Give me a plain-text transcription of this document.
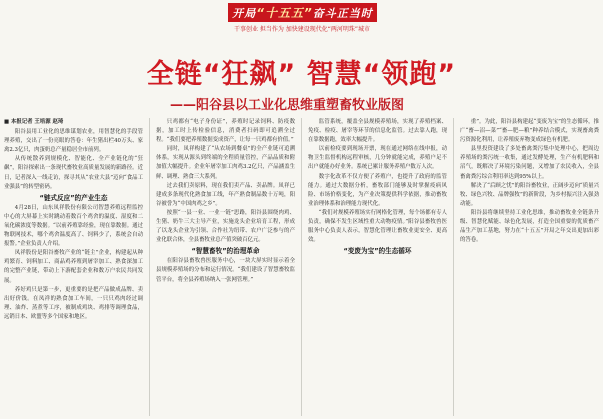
开局 “十五五” 奋斗正当时
干事创业 担当作为 加快建设现代化“两河明珠”城市
全链“狂飙” 智慧“领跑”
——阳谷县以工业化思维重塑畜牧业版图

■ 本报记者 王培源 赵琦

阳谷县用工业化的思维谋划农业，用智慧化的手段管理养殖，交出了一份亮眼的答卷：年生猪出栏40万头、家禽2.3亿只，肉蛋奶总产量稳居全市前列。

从传统散养到规模化、智能化、全产业链化的“狂飙”，阳谷探索出一条现代畜牧业高质量发展的新路径。近日，记者深入一线走访，探寻其从“农业大县”迈向“食品工业强县”的转型密码。

“链式反应”的产业生态

4月28日，山东凤祥股份有限公司智慧养殖远程监控中心的大屏幕上实时跳动着数百个鸡舍的温度、湿度和二氧化碳浓度等数据。“以前养殖靠经验，现在靠数据。通过物联网技术，哪个鸡舍温度高了、饲料少了，系统会自动报警。”企业负责人介绍。

凤祥股份是阳谷畜牧产业的“链主”企业，构建起从种鸡繁育、饲料加工、商品鸡养殖到屠宰加工、熟食深加工的完整产业链，带动上下游配套企业和数万户农民共同发展。

养好鸡只是第一步，更重要的是把产品做成品牌、卖出好价钱。在凤祥的熟食加工车间，一只只鸡肉经过调理、油炸、蒸煮等工序，被制成鸡块、鸡排等调理食品，远销日本、欧盟等多个国家和地区。

只鸡都有“电子身份证”，养殖时记录饲料、防疫数据，加工时上传检验信息，消费者扫码即可追溯全过程。“我们要把养殖数据变成资产，让每一只鸡都有价值。”

同时，凤祥构建了“从农场到餐桌”的全产业链可追溯体系，实现从源头到终端的全程质量管控，产品品质和附加值大幅提升。企业年屠宰加工肉鸡3.2亿只，产品涵盖生鲜、调理、熟食三大系列。

过去我们卖原料，现在我们卖产品、卖品牌。凤祥已建成多条现代化熟食加工线，年产熟食制品数十万吨，阳谷被誉为“中国肉鸡之乡”。

按照“一县一业、一业一链”思路，阳谷县围绕肉鸡、生猪、奶牛三大主导产业，实施龙头企业培育工程，形成了以龙头企业为引领、合作社为纽带、农户广泛参与的产业化联合体，全县畜牧业总产值突破百亿元。

“智慧畜牧”的治理革命

在阳谷县畜牧兽医服务中心，一块大屏实时显示着全县规模养殖场的分布和运行情况。“我们建设了智慧畜牧监管平台，将全县养殖场纳入一张网管理。”

监管系统，覆盖全县规模养殖场，实现了养殖档案、免疫、检疫、屠宰等环节的信息化监管。过去靠人跑，现在靠数据跑，效率大幅提升。

以前检疫要到现场开票，现在通过网络在线申报，动物卫生监督机构远程审核，几分钟就能完成，养殖户足不出户就能办好业务。系统已累计服务养殖户数万人次。

数字化改革不仅方便了养殖户，也提升了政府的监管能力。通过大数据分析，畜牧部门能够及时掌握疫病风险、市场价格变化，为产业决策提供科学依据，推动畜牧业治理体系和治理能力现代化。

“我们对规模养殖场实行网格化管理，每个场都有专人负责，确保不发生区域性重大动物疫情。”阳谷县畜牧兽医服务中心负责人表示，智慧化管理让畜牧业更安全、更高效。

“变废为宝”的生态循环

重”。为此，阳谷县构建起“变废为宝”的生态循环，推广“畜—沼—菜”“畜—肥—粮”种养结合模式，实现畜禽粪污资源化利用，让养殖废弃物变成绿色有机肥。

县里投资建设了多处畜禽粪污集中处理中心，把周边养殖场的粪污统一收集，通过发酵处理，生产有机肥料和沼气，既解决了环境污染问题，又增加了农民收入，全县畜禽粪污综合利用率达到95%以上。

解决了“后顾之忧”的阳谷畜牧业，正阔步迈向“质量兴牧、绿色兴牧、品牌强牧”的新阶段，为乡村振兴注入强劲动能。

阳谷县将继续坚持工业化思维，推动畜牧业全链条升级、智慧化赋能、绿色化发展，打造全国重要的优质畜产品生产加工基地，努力在“十五五”开局之年交出更加出彩的答卷。
